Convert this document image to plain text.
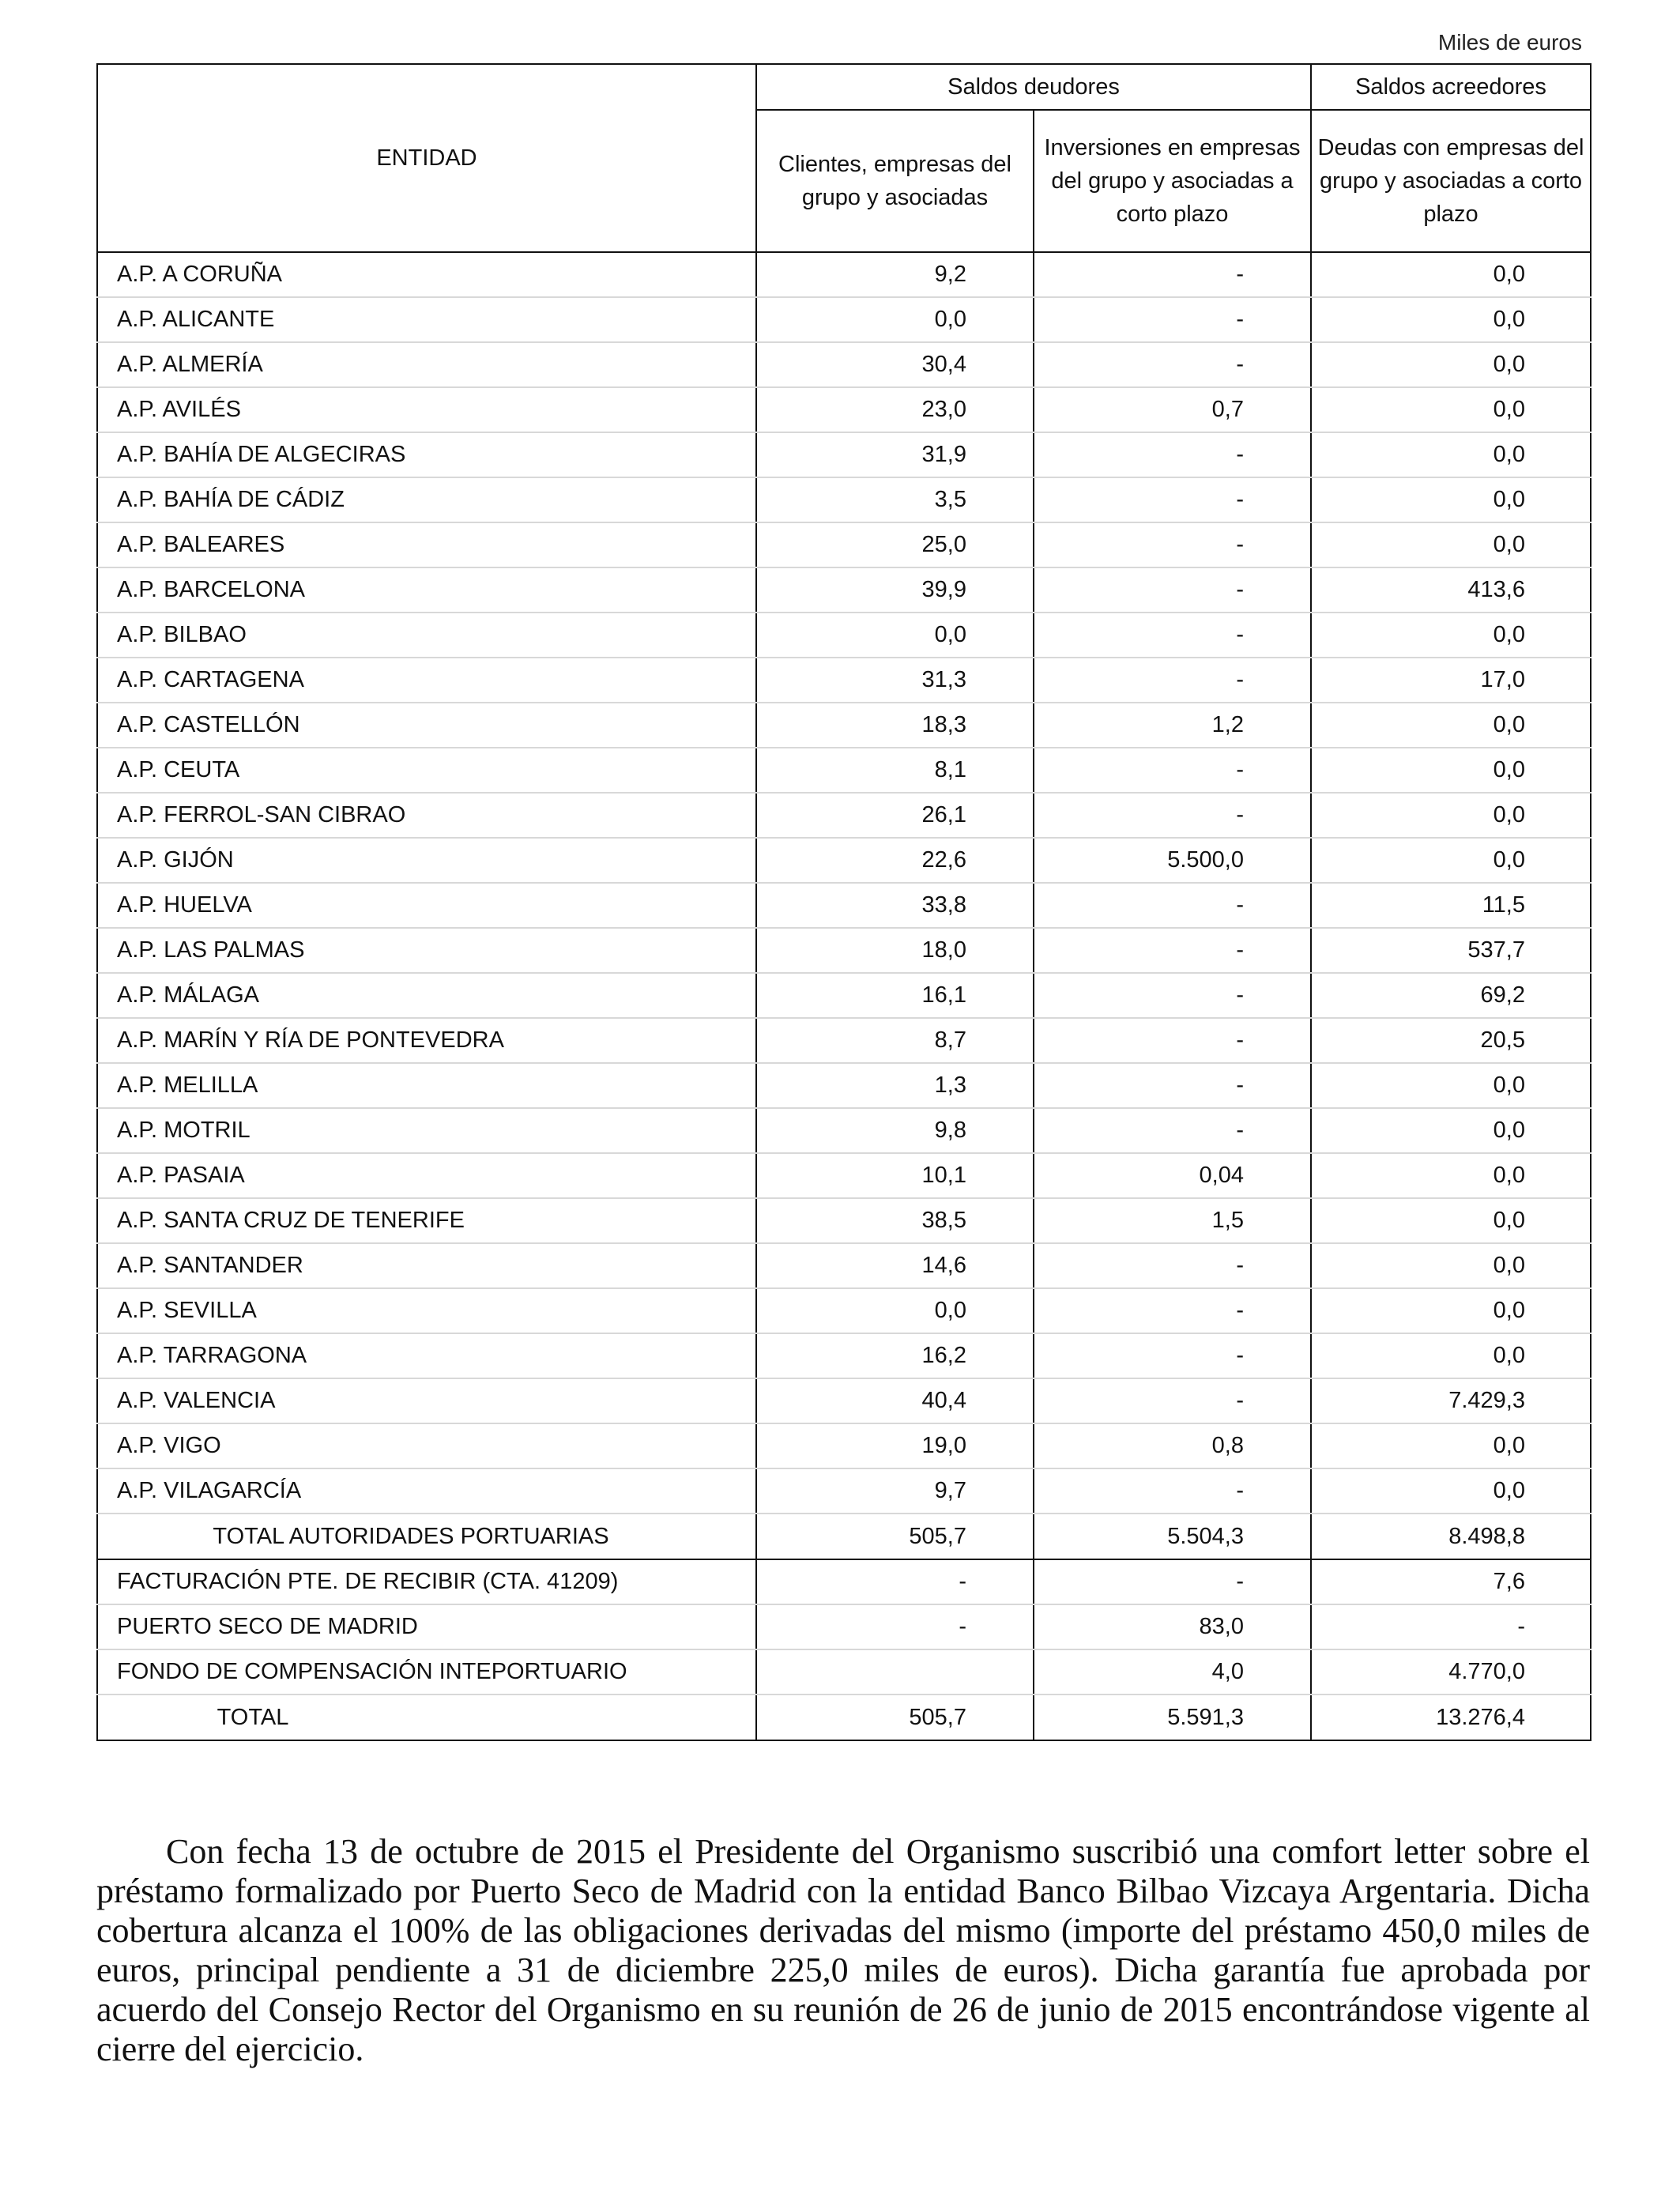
Miles de euros
ENTIDAD	Saldos deudores		Saldos acreedores
	Clientes, empresas del grupo y asociadas	Inversiones en empresas del grupo y asociadas a corto plazo	Deudas con empresas del grupo y asociadas a corto plazo
A.P. A CORUÑA	9,2	-	0,0
A.P. ALICANTE	0,0	-	0,0
A.P. ALMERÍA	30,4	-	0,0
A.P. AVILÉS	23,0	0,7	0,0
A.P. BAHÍA DE ALGECIRAS	31,9	-	0,0
A.P. BAHÍA DE CÁDIZ	3,5	-	0,0
A.P. BALEARES	25,0	-	0,0
A.P. BARCELONA	39,9	-	413,6
A.P. BILBAO	0,0	-	0,0
A.P. CARTAGENA	31,3	-	17,0
A.P. CASTELLÓN	18,3	1,2	0,0
A.P. CEUTA	8,1	-	0,0
A.P. FERROL-SAN CIBRAO	26,1	-	0,0
A.P. GIJÓN	22,6	5.500,0	0,0
A.P. HUELVA	33,8	-	11,5
A.P. LAS PALMAS	18,0	-	537,7
A.P. MÁLAGA	16,1	-	69,2
A.P. MARÍN Y RÍA DE PONTEVEDRA	8,7	-	20,5
A.P. MELILLA	1,3	-	0,0
A.P. MOTRIL	9,8	-	0,0
A.P. PASAIA	10,1	0,04	0,0
A.P. SANTA CRUZ DE TENERIFE	38,5	1,5	0,0
A.P. SANTANDER	14,6	-	0,0
A.P. SEVILLA	0,0	-	0,0
A.P. TARRAGONA	16,2	-	0,0
A.P. VALENCIA	40,4	-	7.429,3
A.P. VIGO	19,0	0,8	0,0
A.P. VILAGARCÍA	9,7	-	0,0
TOTAL AUTORIDADES PORTUARIAS	505,7	5.504,3	8.498,8
FACTURACIÓN PTE. DE RECIBIR (CTA. 41209)	-	-	7,6
PUERTO SECO DE MADRID	-	83,0	-
FONDO DE COMPENSACIÓN INTEPORTUARIO		4,0	4.770,0
TOTAL	505,7	5.591,3	13.276,4
Con fecha 13 de octubre de 2015 el Presidente del Organismo suscribió una comfort letter sobre el préstamo formalizado por Puerto Seco de Madrid con la entidad Banco Bilbao Vizcaya Argentaria. Dicha cobertura alcanza el 100% de las obligaciones derivadas del mismo (importe del préstamo 450,0 miles de euros, principal pendiente a 31 de diciembre 225,0 miles de euros). Dicha garantía fue aprobada por acuerdo del Consejo Rector del Organismo en su reunión de 26 de junio de 2015 encontrándose vigente al cierre del ejercicio.
